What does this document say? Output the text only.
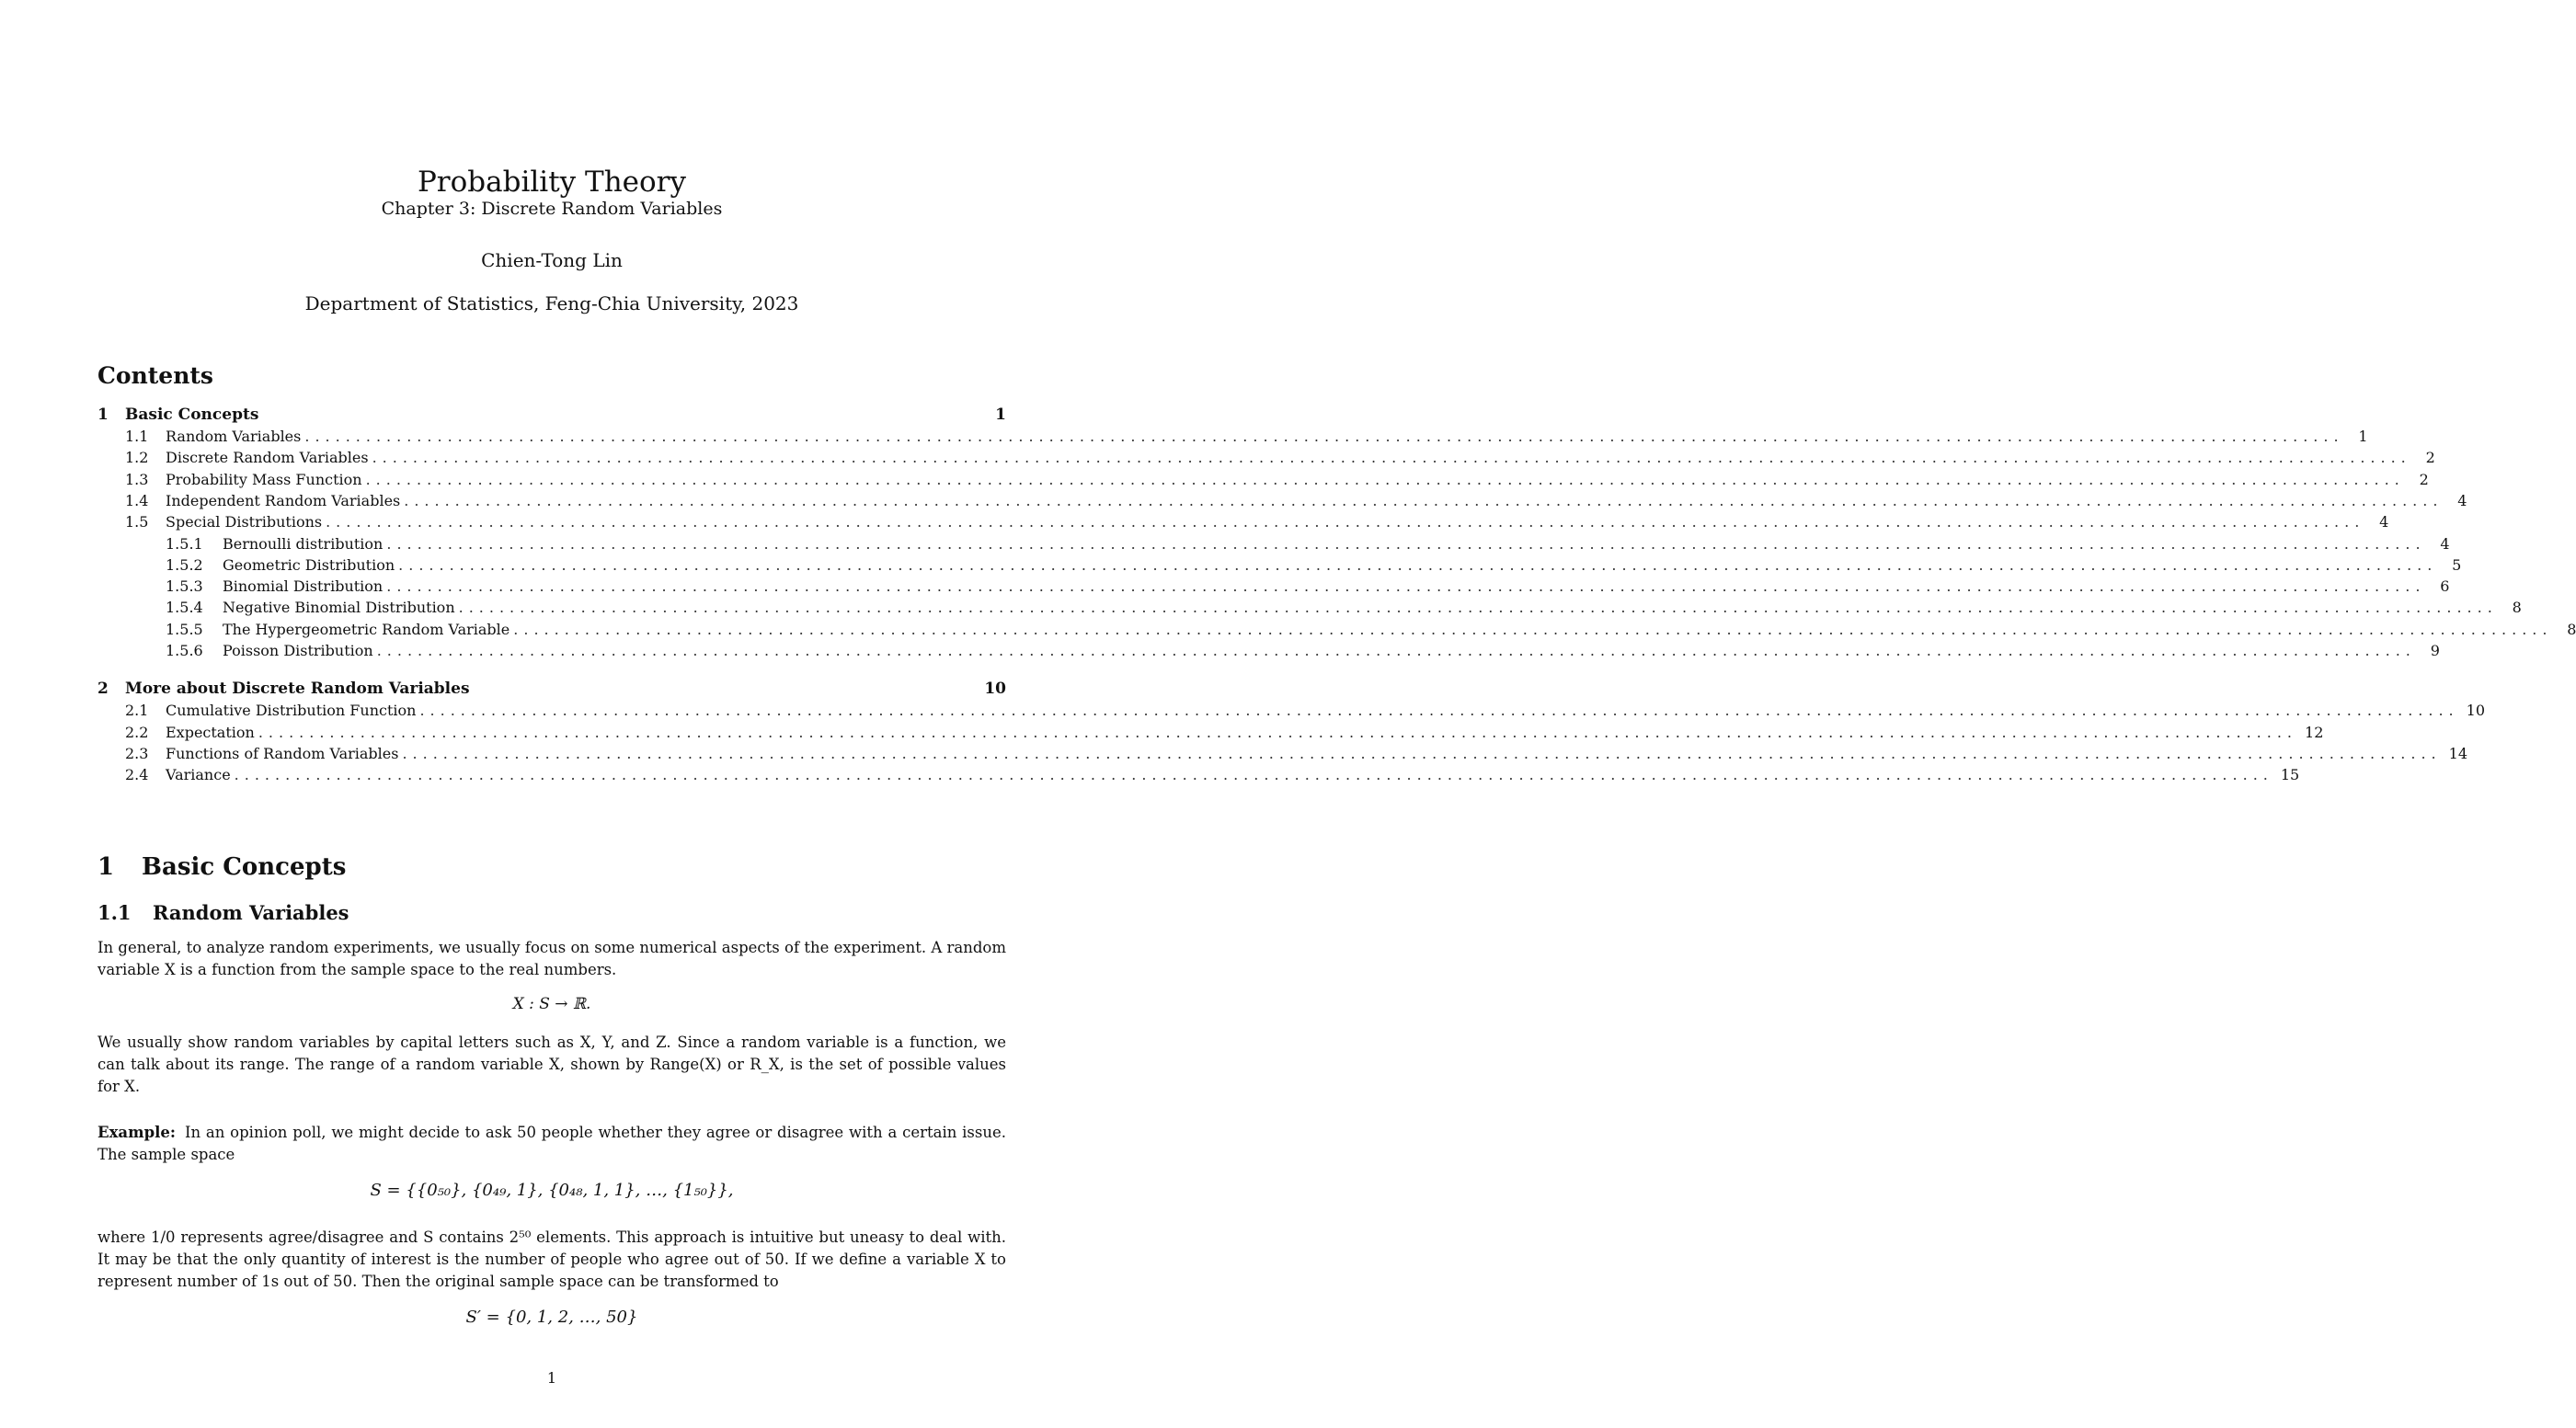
Probability Theory
Chapter 3: Discrete Random Variables
Chien-Tong Lin
Department of Statistics, Feng-Chia University, 2023
Contents
1	Basic Concepts	1
1.1	Random Variables ........................................................................................................................................................................................................ 1
1.2	Discrete Random Variables ........................................................................................................................................................................................................ 2
1.3	Probability Mass Function ........................................................................................................................................................................................................ 2
1.4	Independent Random Variables ........................................................................................................................................................................................................ 4
1.5	Special Distributions ........................................................................................................................................................................................................ 4
1.5.1	Bernoulli distribution ........................................................................................................................................................................................................ 4
1.5.2	Geometric Distribution ........................................................................................................................................................................................................ 5
1.5.3	Binomial Distribution ........................................................................................................................................................................................................ 6
1.5.4	Negative Binomial Distribution ........................................................................................................................................................................................................ 8
1.5.5	The Hypergeometric Random Variable ........................................................................................................................................................................................................ 8
1.5.6	Poisson Distribution ........................................................................................................................................................................................................ 9
2	More about Discrete Random Variables	10
2.1	Cumulative Distribution Function ........................................................................................................................................................................................................ 10
2.2	Expectation ........................................................................................................................................................................................................ 12
2.3	Functions of Random Variables ........................................................................................................................................................................................................ 14
2.4	Variance ........................................................................................................................................................................................................ 15
1 Basic Concepts
1.1 Random Variables
In general, to analyze random experiments, we usually focus on some numerical aspects of the experiment. A random variable X is a function from the sample space to the real numbers.
X : S → ℝ.
We usually show random variables by capital letters such as X, Y, and Z. Since a random variable is a function, we can talk about its range. The range of a random variable X, shown by Range(X) or R_X, is the set of possible values for X.
Example: In an opinion poll, we might decide to ask 50 people whether they agree or disagree with a certain issue. The sample space
S = {{0₅₀}, {0₄₉, 1}, {0₄₈, 1, 1}, …, {1₅₀}},
where 1/0 represents agree/disagree and S contains 2⁵⁰ elements. This approach is intuitive but uneasy to deal with. It may be that the only quantity of interest is the number of people who agree out of 50. If we define a variable X to represent number of 1s out of 50. Then the original sample space can be transformed to
S′ = {0, 1, 2, …, 50}
1
